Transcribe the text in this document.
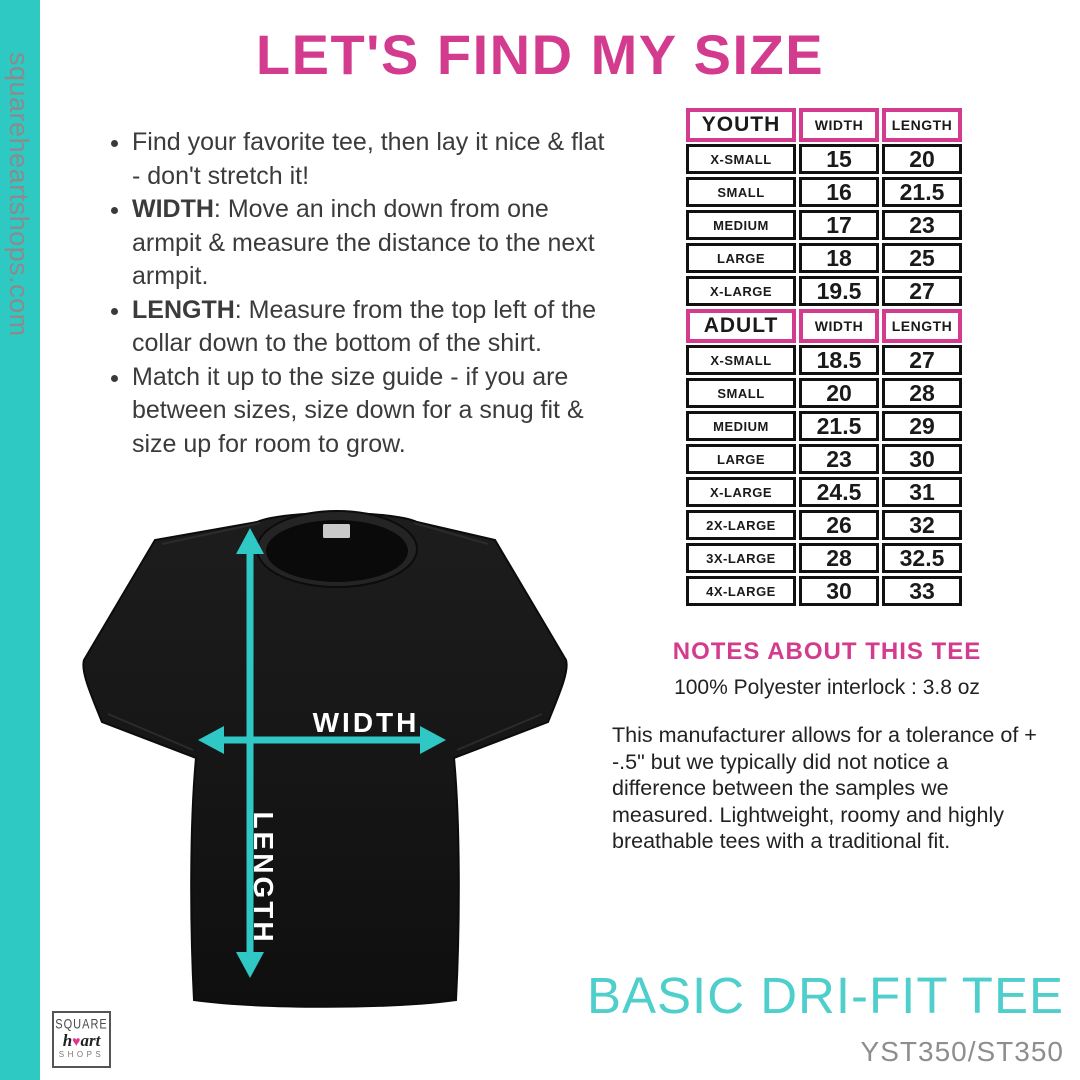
squareheartshops.com	LET'S FIND MY SIZE
• Find your favorite tee, then lay it nice & flat - don't stretch it!
• WIDTH: Move an inch down from one armpit & measure the distance to the next armpit.
• LENGTH: Measure from the top left of the collar down to the bottom of the shirt.
• Match it up to the size guide - if you are between sizes, size down for a snug fit & size up for room to grow.
YOUTH	WIDTH	LENGTH
X-SMALL	15	20
SMALL	16	21.5
MEDIUM	17	23
LARGE	18	25
X-LARGE	19.5	27
ADULT	WIDTH	LENGTH
X-SMALL	18.5	27
SMALL	20	28
MEDIUM	21.5	29
LARGE	23	30
X-LARGE	24.5	31
2X-LARGE	26	32
3X-LARGE	28	32.5
4X-LARGE	30	33
WIDTH
LENGTH
NOTES ABOUT THIS TEE
100% Polyester interlock : 3.8 oz
This manufacturer allows for a tolerance of + -.5" but we typically did not notice a difference between the samples we measured. Lightweight, roomy and highly breathable tees with a traditional fit.
BASIC DRI-FIT TEE
YST350/ST350
SQUARE
h♥art
SHOPS
